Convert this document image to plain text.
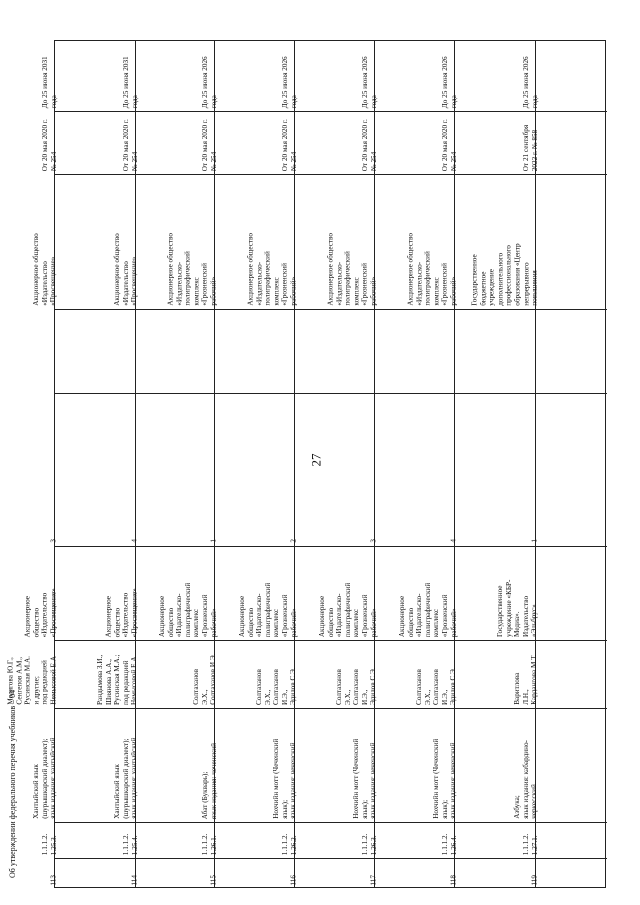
27
До 25 июня 2031
года
От 20 мая 2020 г.
№ 254
Акционерное общество
«Издательство
«Просвещение»
3
Акционерное
общество
«Издательство
«Просвещение»
Молягова Ю.Г.,
Сенгепов А.М.,
Русинская М.А.
и другие;
под редакцией
Немысовой Е.А
Хантыйский язык
(шурышкарский диалект);
язык издания: хантыйский
1.1.1.2.
1.25.3.
113
До 25 июня 2031
года
От 20 мая 2020 г.
№ 254
Акционерное общество
«Издательство
«Просвещение»
4
Акционерное
общество
«Издательство
«Просвещение»
Рандымова З.И.,
Шиянова А.А.,
Русинская М.А.;
под редакцией
Немысовой Е.А
Хантыйский язык
(шурышкарский диалект);
язык издания: хантыйский
1.1.1.2.
1.25.4.
114
До 25 июня 2026
года
От 20 мая 2020 г.
№ 254
Акционерное общество
«Издательско-
полиграфический
комплекс
«Грозненский
рабочий»
1
Акционерное
общество
«Издательско-
полиграфический
комплекс
«Грозненский
рабочий»
Солтаханов
Э.Х.,
Солтаханов И.Э.
Абат (Букварь);
язык издания: чеченский
1.1.1.2.
1.26.1.
115
До 25 июня 2026
года
От 20 мая 2020 г.
№ 254
Акционерное общество
«Издательско-
полиграфический
комплекс
«Грозненский
рабочий»
2
Акционерное
общество
«Издательско-
полиграфический
комплекс
«Грозненский
рабочий»
Солтаханов
Э.Х.,
Солтаханов
И.Э.,
Эдилов С.Э.
Нохчийн мотт (Чеченский
язык);
язык издания: чеченский
1.1.1.2.
1.26.2.
116
До 25 июня 2026
года
От 20 мая 2020 г.
№ 254
Акционерное общество
«Издательско-
полиграфический
комплекс
«Грозненский
рабочий»
3
Акционерное
общество
«Издательско-
полиграфический
комплекс
«Грозненский
рабочий»
Солтаханов
Э.Х.,
Солтаханов
И.Э.,
Эдилов С.Э.
Нохчийн мотт (Чеченский
язык);
язык издания: чеченский
1.1.1.2.
1.26.3.
117
До 25 июня 2026
года
От 20 мая 2020 г.
№ 254
Акционерное общество
«Издательско-
полиграфический
комплекс
«Грозненский
рабочий»
4
Акционерное
общество
«Издательско-
полиграфический
комплекс
«Грозненский
рабочий»
Солтаханов
Э.Х.,
Солтаханов
И.Э.,
Эдилов С.Э.
Нохчийн мотт (Чеченский
язык);
язык издания: чеченский
1.1.1.2.
1.26.4.
118
До 25 июня 2026
года
От 21 сентября
2022 г. № 858
Государственное
бюджетное
учреждение
дополнительного
профессионального
образования «Центр
непрерывного
повышения
1
Государственное
учреждение «КБР-
Медиа».
Издательство
«Эльбрус»
Варитлова
Л.Н.,
Кардангова М.Т.
Азбука;
язык издания: кабардино-
черкесский
1.1.1.2.
1.27.1.
119
Об утверждении федерального перечня учебников – 04
